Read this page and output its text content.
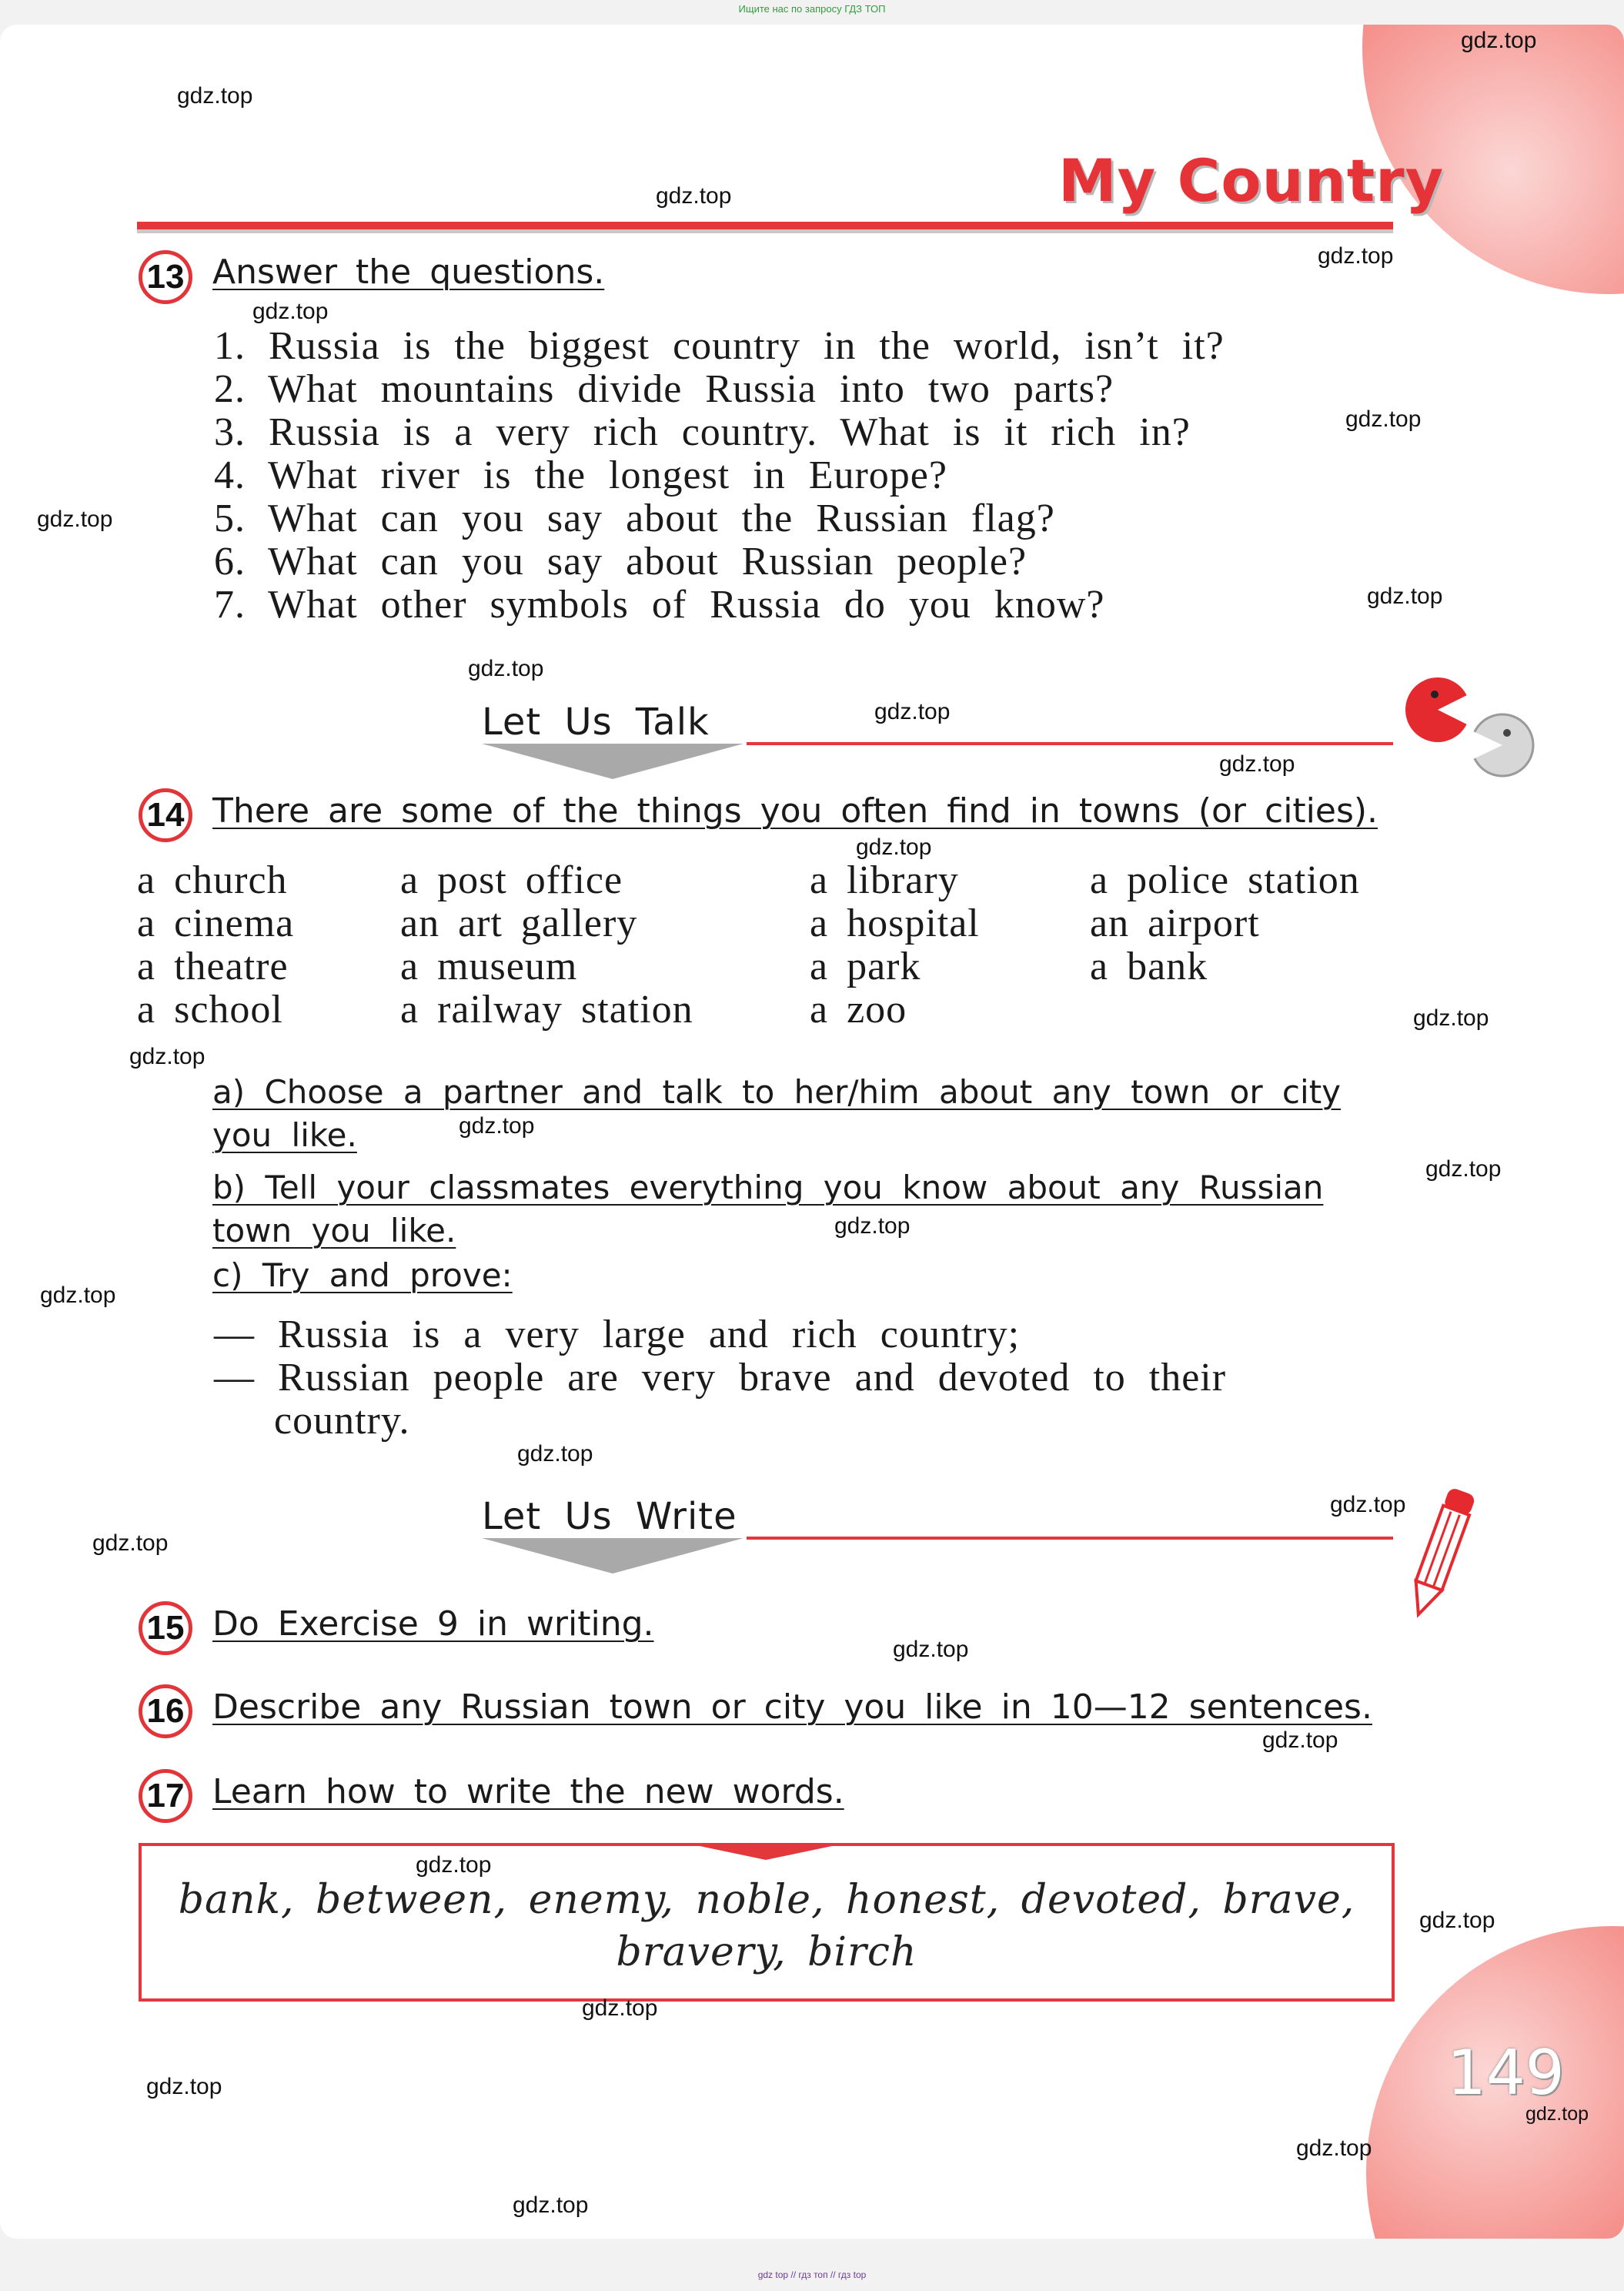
Ищите нас по запросу ГДЗ ТОП
My Country
13 Answer the questions.
1. Russia is the biggest country in the world, isn’t it?
2. What mountains divide Russia into two parts?
3. Russia is a very rich country. What is it rich in?
4. What river is the longest in Europe?
5. What can you say about the Russian flag?
6. What can you say about Russian people?
7. What other symbols of Russia do you know?
Let Us Talk
14 There are some of the things you often find in towns (or cities).
a church
a cinema
a theatre
a school
a post office
an art gallery
a museum
a railway station
a library
a hospital
a park
a zoo
a police station
an airport
a bank
a) Choose a partner and talk to her/him about any town or city
you like.
b) Tell your classmates everything you know about any Russian
town you like.
c) Try and prove:
— Russia is a very large and rich country;
— Russian people are very brave and devoted to their
country.
Let Us Write
15 Do Exercise 9 in writing.
16 Describe any Russian town or city you like in 10—12 sentences.
17 Learn how to write the new words.
bank, between, enemy, noble, honest, devoted, brave,
bravery, birch
149
gdz.top
gdz.top
gdz.top
gdz.top
gdz.top
gdz.top
gdz.top
gdz.top
gdz.top
gdz.top
gdz.top
gdz.top
gdz.top
gdz.top
gdz.top
gdz.top
gdz.top
gdz.top
gdz.top
gdz.top
gdz.top
gdz.top
gdz.top
gdz.top
gdz.top
gdz.top
gdz.top
gdz.top
gdz.top
gdz.top
gdz top // гдз топ // гдз top
